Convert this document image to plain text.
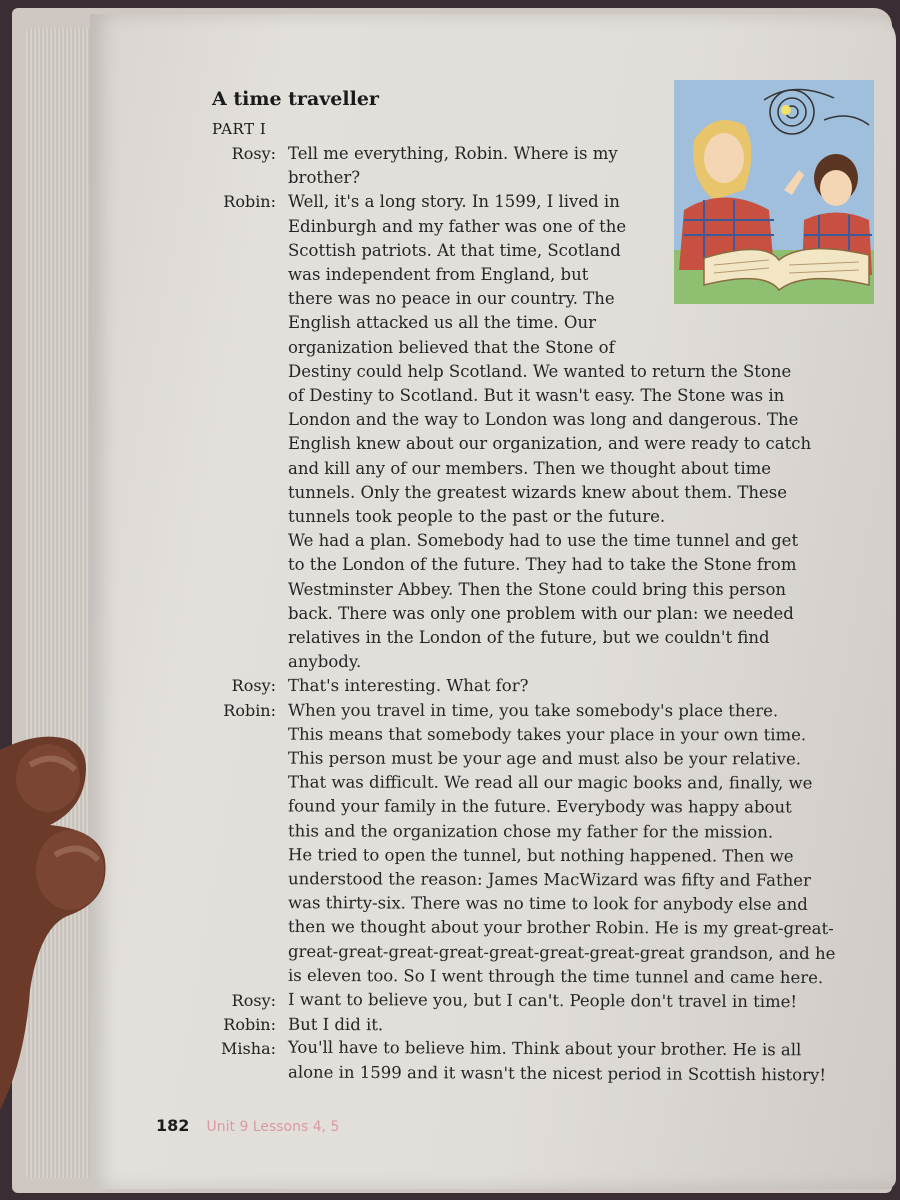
A time traveller
PART I
Rosy: Tell me everything, Robin. Where is my
brother?
Robin: Well, it's a long story. In 1599, I lived in
Edinburgh and my father was one of the
Scottish patriots. At that time, Scotland
was independent from England, but
there was no peace in our country. The
English attacked us all the time. Our
organization believed that the Stone of
Destiny could help Scotland. We wanted to return the Stone
of Destiny to Scotland. But it wasn't easy. The Stone was in
London and the way to London was long and dangerous. The
English knew about our organization, and were ready to catch
and kill any of our members. Then we thought about time
tunnels. Only the greatest wizards knew about them. These
tunnels took people to the past or the future.
We had a plan. Somebody had to use the time tunnel and get
to the London of the future. They had to take the Stone from
Westminster Abbey. Then the Stone could bring this person
back. There was only one problem with our plan: we needed
relatives in the London of the future, but we couldn't find
anybody.
Rosy: That's interesting. What for?
Robin: When you travel in time, you take somebody's place there.
This means that somebody takes your place in your own time.
This person must be your age and must also be your relative.
That was difficult. We read all our magic books and, finally, we
found your family in the future. Everybody was happy about
this and the organization chose my father for the mission.
He tried to open the tunnel, but nothing happened. Then we
understood the reason: James MacWizard was fifty and Father
was thirty-six. There was no time to look for anybody else and
then we thought about your brother Robin. He is my great-great-
great-great-great-great-great-great-great-great grandson, and he
is eleven too. So I went through the time tunnel and came here.
Rosy: I want to believe you, but I can't. People don't travel in time!
Robin: But I did it.
Misha: You'll have to believe him. Think about your brother. He is all
alone in 1599 and it wasn't the nicest period in Scottish history!
182 Unit 9 Lessons 4, 5
